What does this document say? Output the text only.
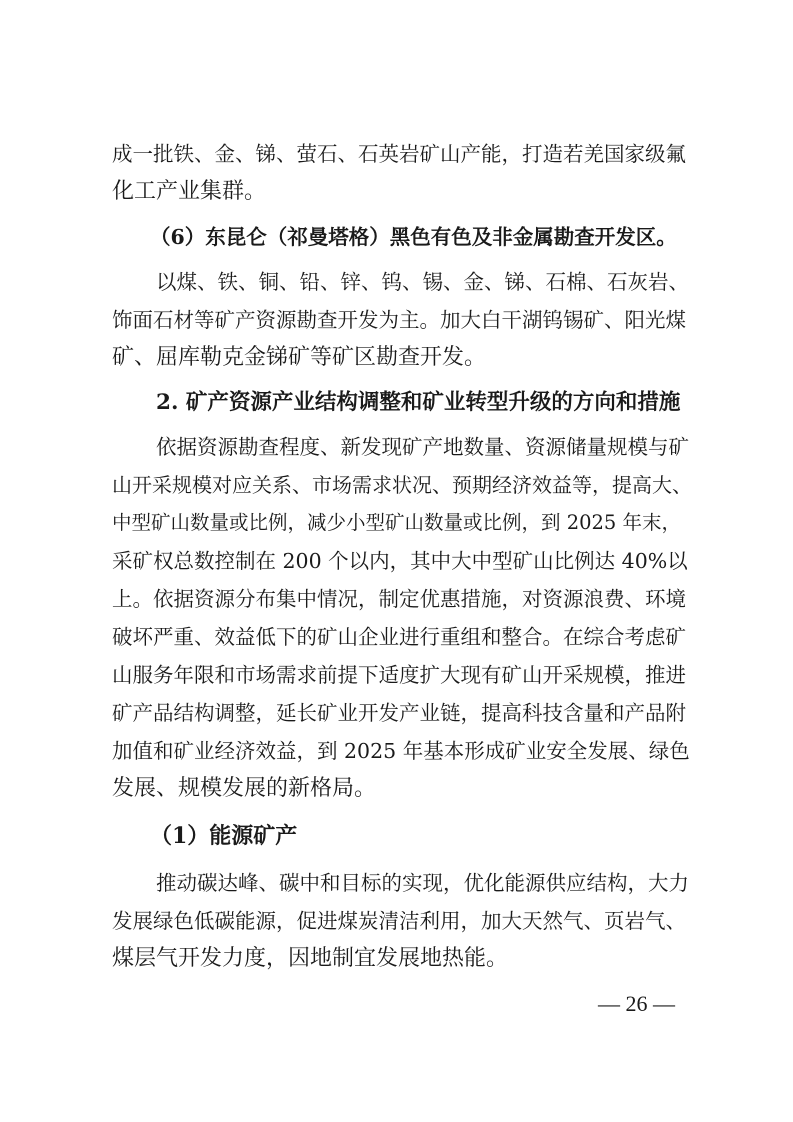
成一批铁、金、锑、萤石、石英岩矿山产能，打造若羌国家级氟
化工产业集群。
（6）东昆仑（祁曼塔格）黑色有色及非金属勘查开发区。
以煤、铁、铜、铅、锌、钨、锡、金、锑、石棉、石灰岩、
饰面石材等矿产资源勘查开发为主。加大白干湖钨锡矿、阳光煤
矿、屈库勒克金锑矿等矿区勘查开发。
2. 矿产资源产业结构调整和矿业转型升级的方向和措施
依据资源勘查程度、新发现矿产地数量、资源储量规模与矿
山开采规模对应关系、市场需求状况、预期经济效益等，提高大、
中型矿山数量或比例，减少小型矿山数量或比例，到 2025 年末，
采矿权总数控制在 200 个以内，其中大中型矿山比例达 40%以
上。依据资源分布集中情况，制定优惠措施，对资源浪费、环境
破坏严重、效益低下的矿山企业进行重组和整合。在综合考虑矿
山服务年限和市场需求前提下适度扩大现有矿山开采规模，推进
矿产品结构调整，延长矿业开发产业链，提高科技含量和产品附
加值和矿业经济效益，到 2025 年基本形成矿业安全发展、绿色
发展、规模发展的新格局。
（1）能源矿产
推动碳达峰、碳中和目标的实现，优化能源供应结构，大力
发展绿色低碳能源，促进煤炭清洁利用，加大天然气、页岩气、
煤层气开发力度，因地制宜发展地热能。
— 26 —
